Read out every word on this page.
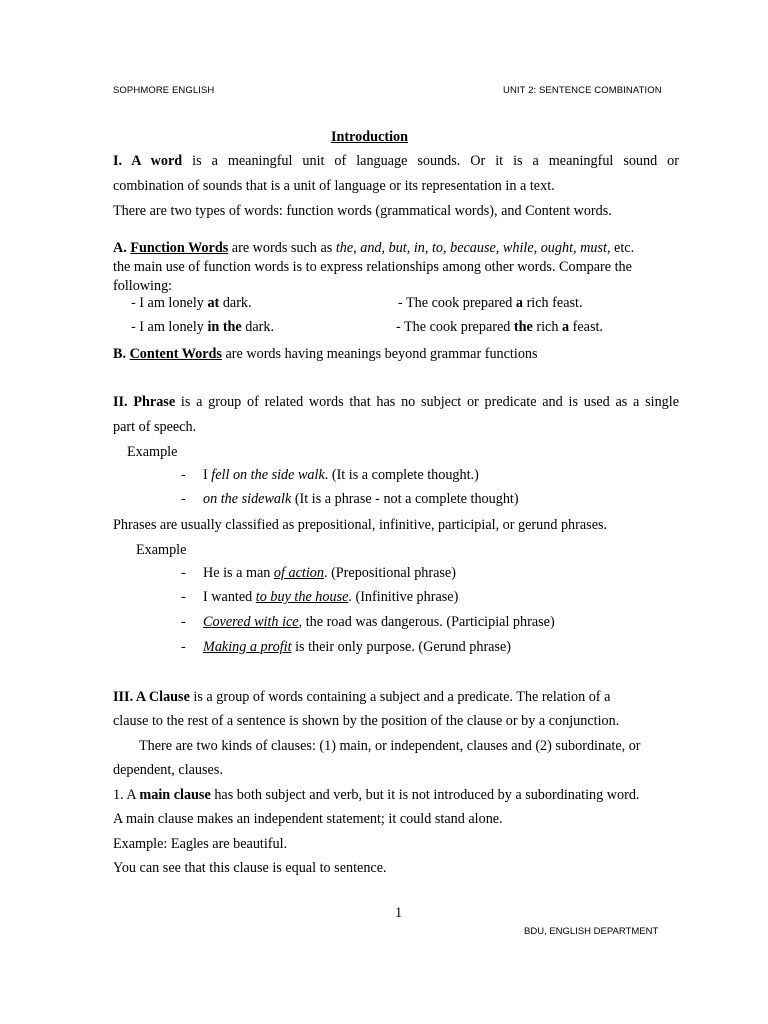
SOPHMORE ENGLISH	UNIT 2: SENTENCE COMBINATION
Introduction
I. A word is a meaningful unit of language sounds. Or it is a meaningful sound or
combination of sounds that is a unit of language or its representation in a text.
There are two types of words: function words (grammatical words), and Content words.
A. Function Words are words such as the, and, but, in, to, because, while, ought, must, etc.
the main use of function words is to express relationships among other words. Compare the
following:
- I am lonely at dark.	- The cook prepared a rich feast.
- I am lonely in the dark.	- The cook prepared the rich a feast.
B. Content Words are words having meanings beyond grammar functions
II. Phrase is a group of related words that has no subject or predicate and is used as a single
part of speech.
Example
- I fell on the side walk. (It is a complete thought.)
- on the sidewalk (It is a phrase - not a complete thought)
Phrases are usually classified as prepositional, infinitive, participial, or gerund phrases.
Example
- He is a man of action. (Prepositional phrase)
- I wanted to buy the house. (Infinitive phrase)
- Covered with ice, the road was dangerous. (Participial phrase)
- Making a profit is their only purpose. (Gerund phrase)
III. A Clause is a group of words containing a subject and a predicate. The relation of a
clause to the rest of a sentence is shown by the position of the clause or by a conjunction.
There are two kinds of clauses: (1) main, or independent, clauses and (2) subordinate, or
dependent, clauses.
1. A main clause has both subject and verb, but it is not introduced by a subordinating word.
A main clause makes an independent statement; it could stand alone.
Example: Eagles are beautiful.
You can see that this clause is equal to sentence.
1
BDU, ENGLISH DEPARTMENT
